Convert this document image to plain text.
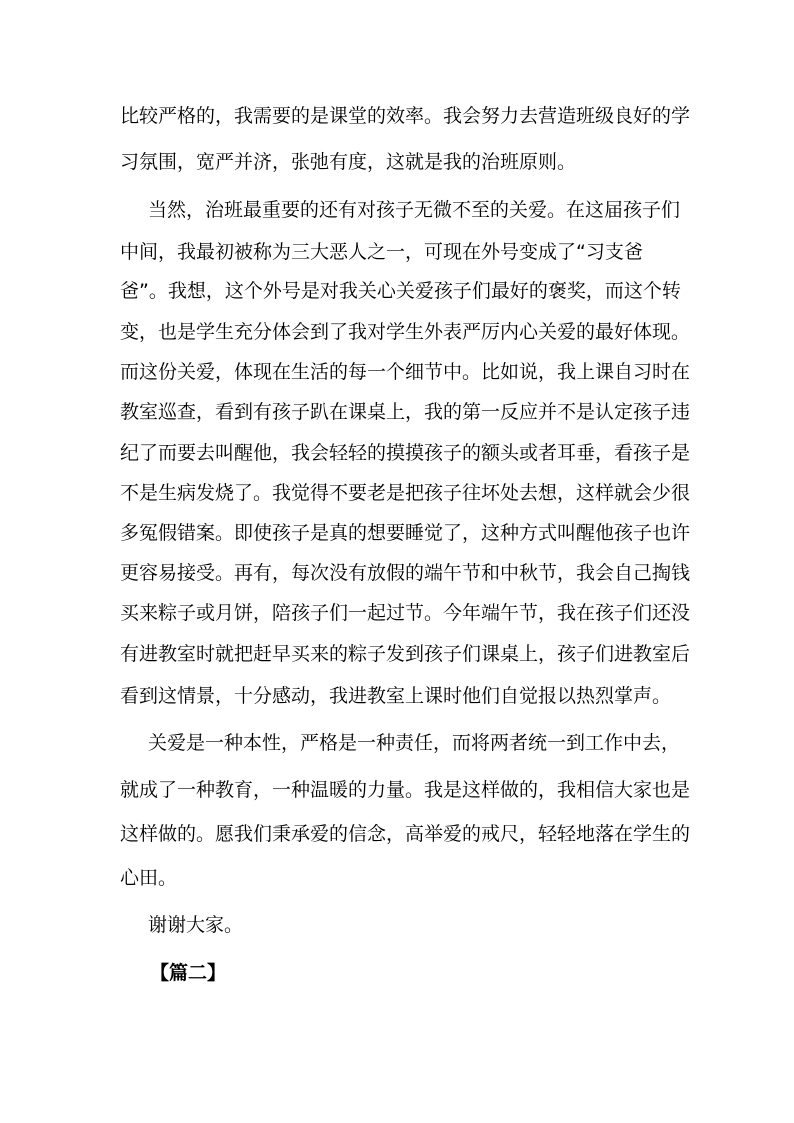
比较严格的，我需要的是课堂的效率。我会努力去营造班级良好的学
习氛围，宽严并济，张弛有度，这就是我的治班原则。
当然，治班最重要的还有对孩子无微不至的关爱。在这届孩子们
中间，我最初被称为三大恶人之一，可现在外号变成了“习支爸
爸”。我想，这个外号是对我关心关爱孩子们最好的褒奖，而这个转
变，也是学生充分体会到了我对学生外表严厉内心关爱的最好体现。
而这份关爱，体现在生活的每一个细节中。比如说，我上课自习时在
教室巡查，看到有孩子趴在课桌上，我的第一反应并不是认定孩子违
纪了而要去叫醒他，我会轻轻的摸摸孩子的额头或者耳垂，看孩子是
不是生病发烧了。我觉得不要老是把孩子往坏处去想，这样就会少很
多冤假错案。即使孩子是真的想要睡觉了，这种方式叫醒他孩子也许
更容易接受。再有，每次没有放假的端午节和中秋节，我会自己掏钱
买来粽子或月饼，陪孩子们一起过节。今年端午节，我在孩子们还没
有进教室时就把赶早买来的粽子发到孩子们课桌上，孩子们进教室后
看到这情景，十分感动，我进教室上课时他们自觉报以热烈掌声。
关爱是一种本性，严格是一种责任，而将两者统一到工作中去，
就成了一种教育，一种温暖的力量。我是这样做的，我相信大家也是
这样做的。愿我们秉承爱的信念，高举爱的戒尺，轻轻地落在学生的
心田。
谢谢大家。
【篇二】
